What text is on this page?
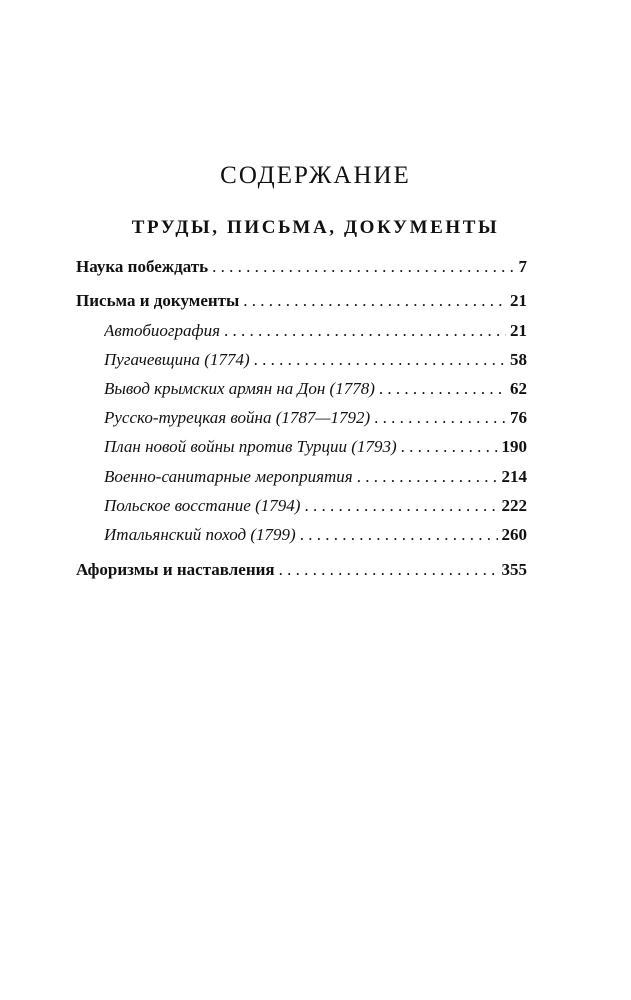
СОДЕРЖАНИЕ
ТРУДЫ, ПИСЬМА, ДОКУМЕНТЫ
Наука побеждать . . .	7
Письма и документы . . .	21
Автобиография . . .	21
Пугачевщина (1774) . . .	58
Вывод крымских армян на Дон (1778) . . .	62
Русско-турецкая война (1787—1792) . . .	76
План новой войны против Турции (1793) . . .	190
Военно-санитарные мероприятия . . .	214
Польское восстание (1794) . . .	222
Итальянский поход (1799) . . .	260
Афоризмы и наставления . . .	355
